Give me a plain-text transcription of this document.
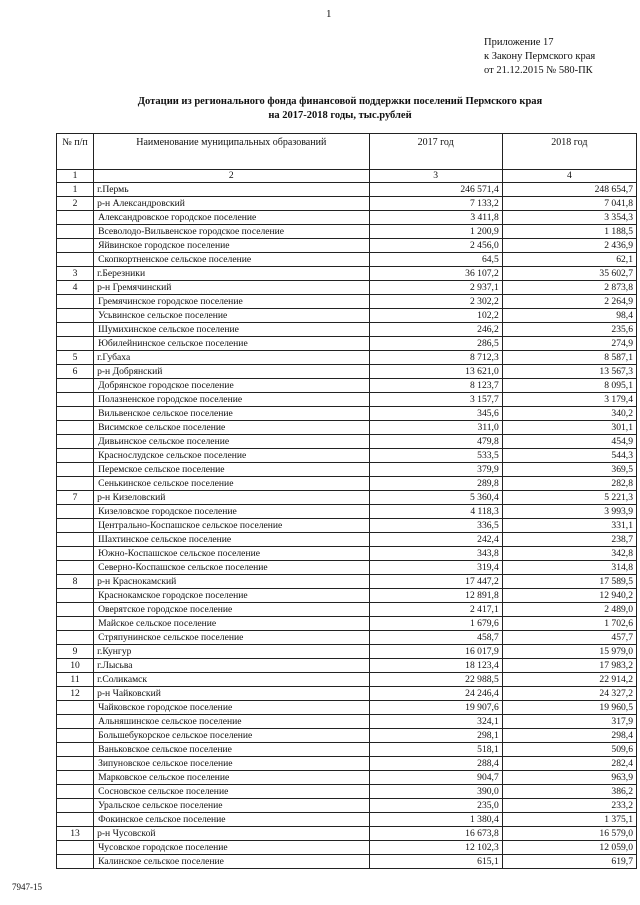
1
Приложение 17
к Закону Пермского края
от 21.12.2015 № 580-ПК
Дотации из регионального фонда финансовой поддержки поселений Пермского края
на 2017-2018 годы, тыс.рублей
№ п/п	Наименование муниципальных образований	2017 год	2018 год
1	2	3	4
1	г.Пермь	246 571,4	248 654,7
2	р-н Александровский	7 133,2	7 041,8
	Александровское городское поселение	3 411,8	3 354,3
	Всеволодо-Вильвенское городское поселение	1 200,9	1 188,5
	Яйвинское городское поселение	2 456,0	2 436,9
	Скопкортненское сельское поселение	64,5	62,1
3	г.Березники	36 107,2	35 602,7
4	р-н Гремячинский	2 937,1	2 873,8
	Гремячинское городское поселение	2 302,2	2 264,9
	Усьвинское сельское поселение	102,2	98,4
	Шумихинское сельское поселение	246,2	235,6
	Юбилейнинское сельское поселение	286,5	274,9
5	г.Губаха	8 712,3	8 587,1
6	р-н Добрянский	13 621,0	13 567,3
	Добрянское городское поселение	8 123,7	8 095,1
	Полазненское городское поселение	3 157,7	3 179,4
	Вильвенское сельское поселение	345,6	340,2
	Висимское сельское поселение	311,0	301,1
	Дивьинское сельское поселение	479,8	454,9
	Краснослудское сельское поселение	533,5	544,3
	Перемское сельское поселение	379,9	369,5
	Сенькинское сельское поселение	289,8	282,8
7	р-н Кизеловский	5 360,4	5 221,3
	Кизеловское городское поселение	4 118,3	3 993,9
	Центрально-Коспашское сельское поселение	336,5	331,1
	Шахтинское сельское поселение	242,4	238,7
	Южно-Коспашское сельское поселение	343,8	342,8
	Северно-Коспашское сельское поселение	319,4	314,8
8	р-н Краснокамский	17 447,2	17 589,5
	Краснокамское городское поселение	12 891,8	12 940,2
	Оверятское городское поселение	2 417,1	2 489,0
	Майское сельское поселение	1 679,6	1 702,6
	Стряпунинское сельское поселение	458,7	457,7
9	г.Кунгур	16 017,9	15 979,0
10	г.Лысьва	18 123,4	17 983,2
11	г.Соликамск	22 988,5	22 914,2
12	р-н Чайковский	24 246,4	24 327,2
	Чайковское городское поселение	19 907,6	19 960,5
	Альняшинское сельское поселение	324,1	317,9
	Большебукорское сельское поселение	298,1	298,4
	Ваньковское сельское поселение	518,1	509,6
	Зипуновское сельское поселение	288,4	282,4
	Марковское сельское поселение	904,7	963,9
	Сосновское сельское поселение	390,0	386,2
	Уральское сельское поселение	235,0	233,2
	Фокинское сельское поселение	1 380,4	1 375,1
13	р-н Чусовской	16 673,8	16 579,0
	Чусовское городское поселение	12 102,3	12 059,0
	Калинское сельское поселение	615,1	619,7
7947-15
